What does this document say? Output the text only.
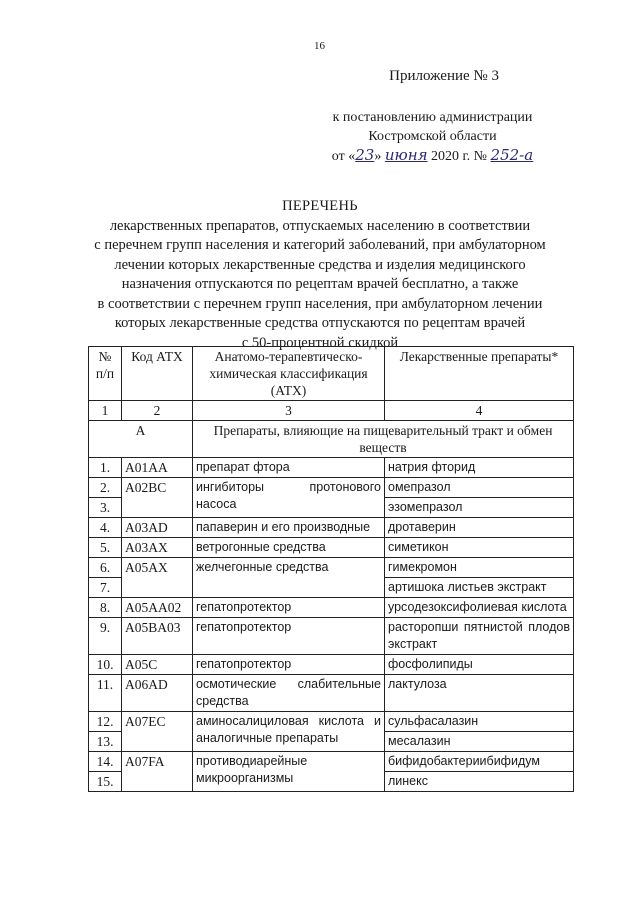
16
Приложение № 3
к постановлению администрации
Костромской области
от «23» июня 2020 г. № 252-а
ПЕРЕЧЕНЬ
лекарственных препаратов, отпускаемых населению в соответствии
с перечнем групп населения и категорий заболеваний, при амбулаторном
лечении которых лекарственные средства и изделия медицинского
назначения отпускаются по рецептам врачей бесплатно, а также
в соответствии с перечнем групп населения, при амбулаторном лечении
которых лекарственные средства отпускаются по рецептам врачей
с 50-процентной скидкой
№ п/п	Код АТХ	Анатомо-терапевтическо-химическая классификация (АТХ)	Лекарственные препараты*
1	2	3	4
A		Препараты, влияющие на пищеварительный тракт и обмен веществ	
1.	A01AA	препарат фтора	натрия фторид
2.	A02BC	ингибиторы протонового насоса	омепразол
3.			эзомепразол
4.	A03AD	папаверин и его производные	дротаверин
5.	A03AX	ветрогонные средства	симетикон
6.	A05AX	желчегонные средства	гимекромон
7.			артишока листьев экстракт
8.	A05AA02	гепатопротектор	урсодезоксифолиевая кислота
9.	A05BA03	гепатопротектор	расторопши пятнистой плодов экстракт
10.	A05C	гепатопротектор	фосфолипиды
11.	A06AD	осмотические слабительные средства	лактулоза
12.	A07EC	аминосалициловая кислота и аналогичные препараты	сульфасалазин
13.			месалазин
14.	A07FA	противодиарейные микроорганизмы	бифидобактериибифидум
15.			линекс
